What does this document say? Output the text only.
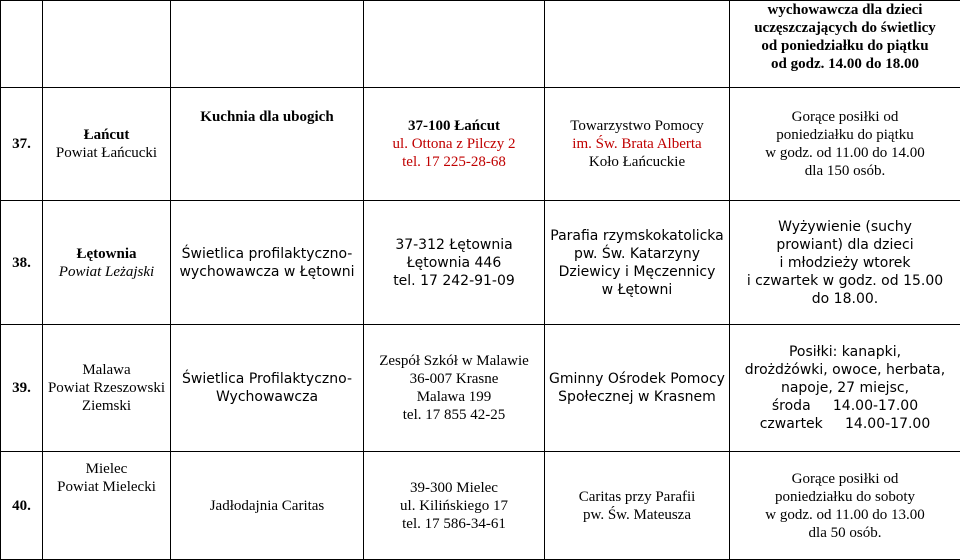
					wychowawcza dla dzieci
uczęszczających do świetlicy
od poniedziałku do piątku
od godz. 14.00 do 18.00

37.	Łańcut
Powiat Łańcucki	Kuchnia dla ubogich	37-100 Łańcut
ul. Ottona z Pilczy 2
tel. 17 225-28-68	Towarzystwo Pomocy
im. Św. Brata Alberta
Koło Łańcuckie	Gorące posiłki od
poniedziałku do piątku
w godz. od 11.00 do 14.00
dla 150 osób.

38.	Łętownia
Powiat Leżajski	Świetlica profilaktyczno-
wychowawcza w Łętowni	37-312 Łętownia
Łętownia 446
tel. 17 242-91-09	Parafia rzymskokatolicka
pw. Św. Katarzyny
Dziewicy i Męczennicy
w Łętowni	Wyżywienie (suchy
prowiant) dla dzieci
i młodzieży wtorek
i czwartek w godz. od 15.00
do 18.00.

39.	Malawa
Powiat Rzeszowski
Ziemski	Świetlica Profilaktyczno-
Wychowawcza	Zespół Szkół w Malawie
36-007 Krasne
Malawa 199
tel. 17 855 42-25	Gminny Ośrodek Pomocy
Społecznej w Krasnem	Posiłki: kanapki,
drożdżówki, owoce, herbata,
napoje, 27 miejsc,
środa     14.00-17.00
czwartek     14.00-17.00

40.	Mielec
Powiat Mielecki	Jadłodajnia Caritas	39-300 Mielec
ul. Kilińskiego 17
tel. 17 586-34-61	Caritas przy Parafii
pw. Św. Mateusza	Gorące posiłki od
poniedziałku do soboty
w godz. od 11.00 do 13.00
dla 50 osób.
